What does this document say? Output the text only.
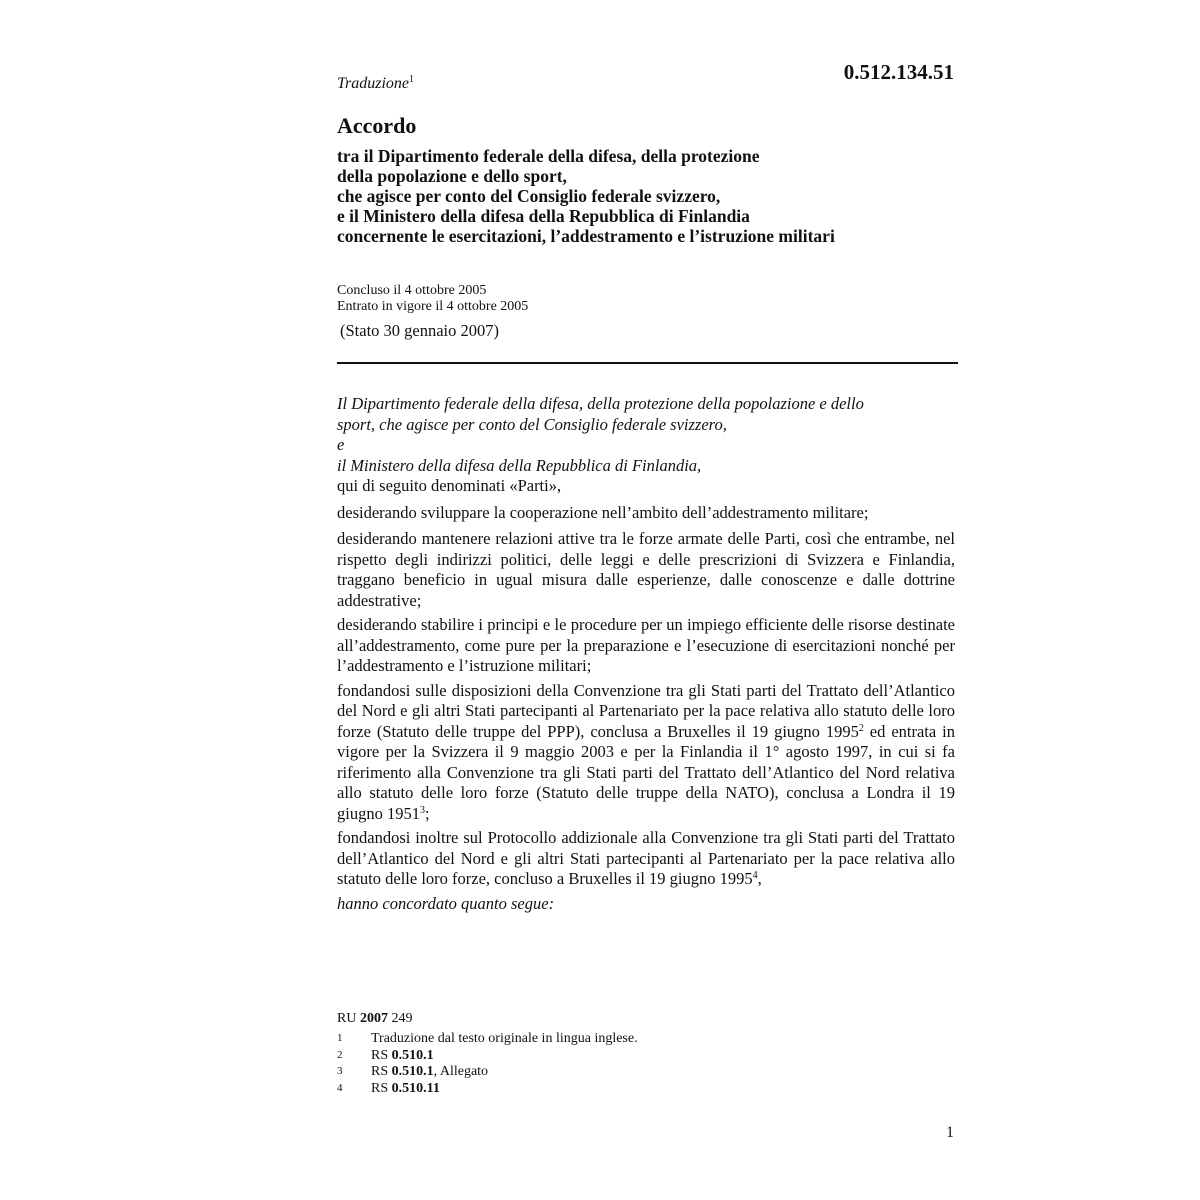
Traduzione$^1$	0.512.134.51
Accordo
tra il Dipartimento federale della difesa, della protezione
della popolazione e dello sport,
che agisce per conto del Consiglio federale svizzero,
e il Ministero della difesa della Repubblica di Finlandia
concernente le esercitazioni, l’addestramento e l’istruzione militari
Concluso il 4 ottobre 2005
Entrato in vigore il 4 ottobre 2005
(Stato 30 gennaio 2007)

Il Dipartimento federale della difesa, della protezione della popolazione e dello

sport, che agisce per conto del Consiglio federale svizzero,

e

il Ministero della difesa della Repubblica di Finlandia,

qui di seguito denominati «Parti»,

desiderando sviluppare la cooperazione nell’ambito dell’addestramento militare;

desiderando mantenere relazioni attive tra le forze armate delle Parti, così che entrambe, nel rispetto degli indirizzi politici, delle leggi e delle prescrizioni di Svizzera e Finlandia, traggano beneficio in ugual misura dalle esperienze, dalle conoscenze e dalle dottrine addestrative;

desiderando stabilire i principi e le procedure per un impiego efficiente delle risorse destinate all’addestramento, come pure per la preparazione e l’esecuzione di esercitazioni nonché per l’addestramento e l’istruzione militari;

fondandosi sulle disposizioni della Convenzione tra gli Stati parti del Trattato dell’Atlantico del Nord e gli altri Stati partecipanti al Partenariato per la pace relativa allo statuto delle loro forze (Statuto delle truppe del PPP), conclusa a Bruxelles il 19 giugno 1995$^2$ ed entrata in vigore per la Svizzera il 9 maggio 2003 e per la Finlandia il 1° agosto 1997, in cui si fa riferimento alla Convenzione tra gli Stati parti del Trattato dell’Atlantico del Nord relativa allo statuto delle loro forze (Statuto delle truppe della NATO), conclusa a Londra il 19 giugno 1951$^3$;

fondandosi inoltre sul Protocollo addizionale alla Convenzione tra gli Stati parti del Trattato dell’Atlantico del Nord e gli altri Stati partecipanti al Partenariato per la pace relativa allo statuto delle loro forze, concluso a Bruxelles il 19 giugno 1995$^4$,

hanno concordato quanto segue:

RU 2007 249
1	Traduzione dal testo originale in lingua inglese.
2	RS 0.510.1
3	RS 0.510.1, Allegato
4	RS 0.510.11
1
